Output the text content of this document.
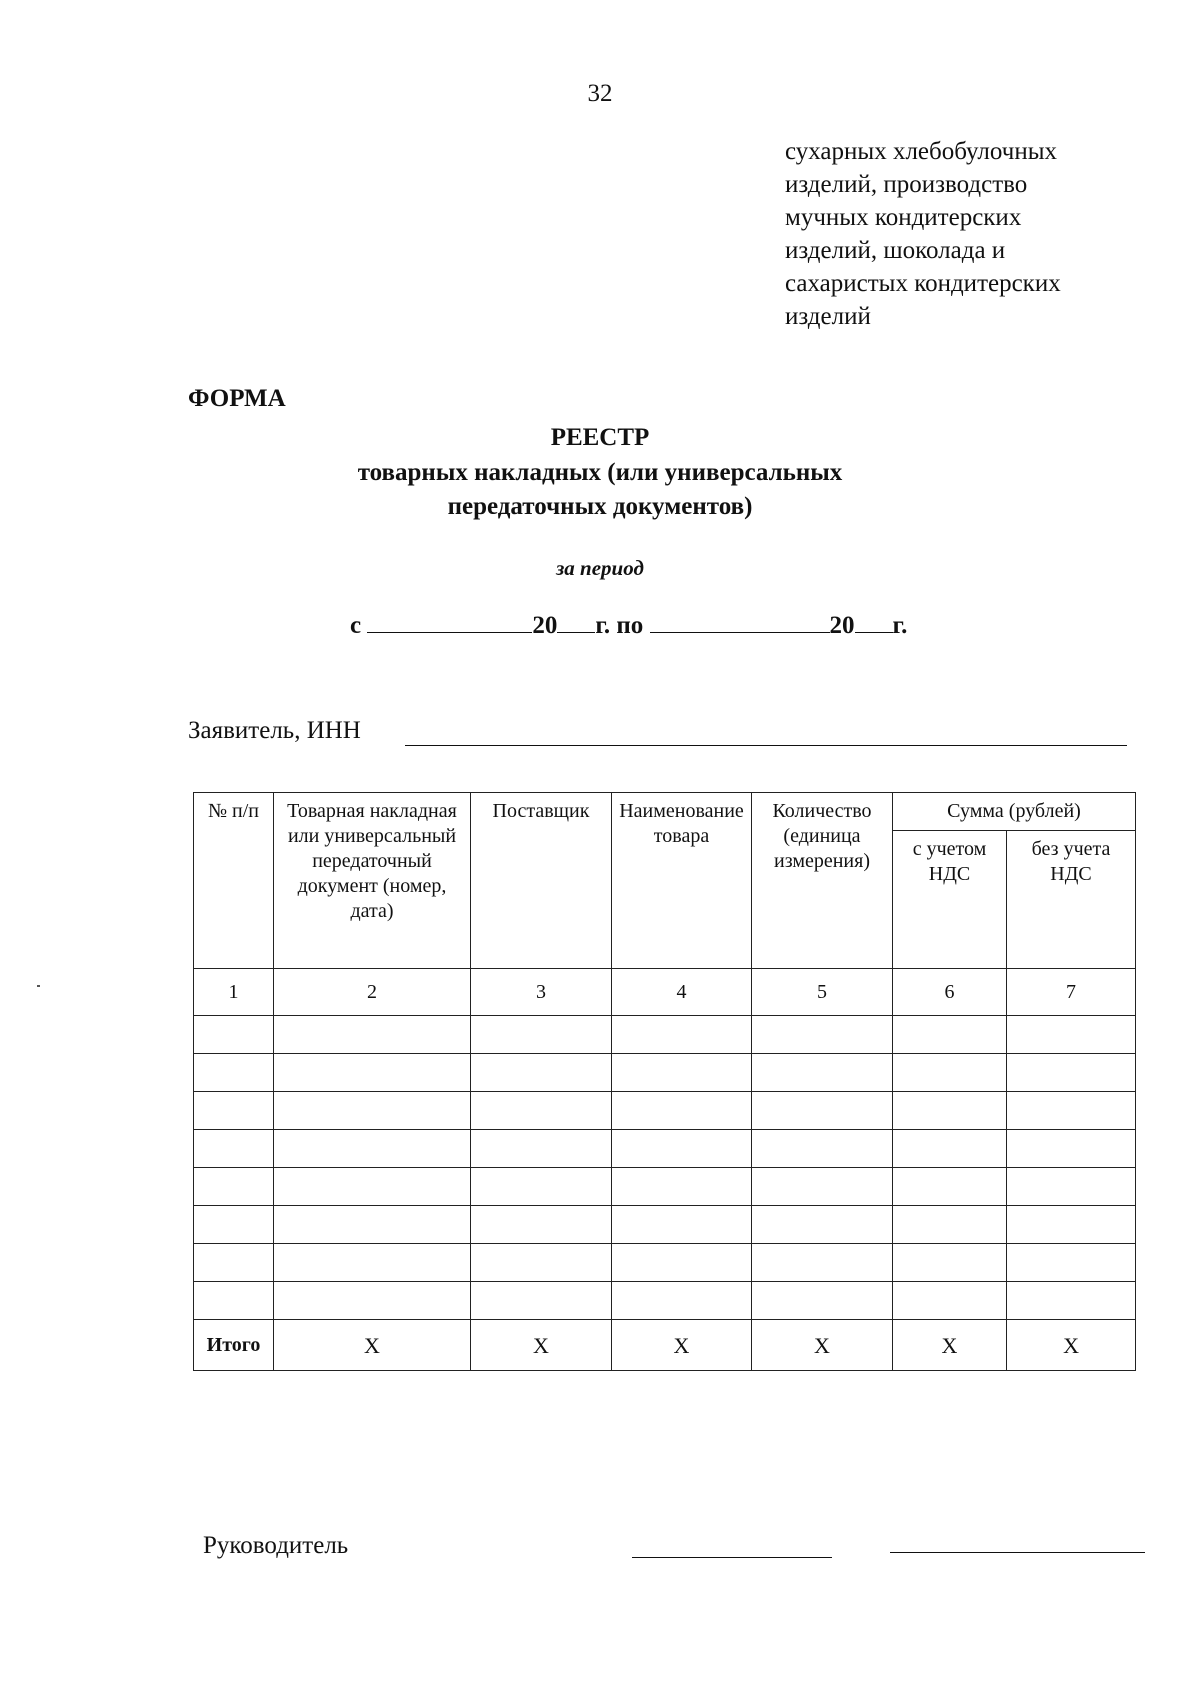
32
сухарных хлебобулочных
изделий, производство
мучных кондитерских
изделий, шоколада и
сахаристых кондитерских
изделий
ФОРМА
РЕЕСТР
товарных накладных (или универсальных
передаточных документов)
за период
с	20 г. по	20 г.
Заявитель, ИНН
№ п/п	Товарная накладная или универсальный передаточный документ (номер, дата)	Поставщик	Наименование товара	Количество (единица измерения)	Сумма (рублей)	
					с учетом НДС	без учета НДС
1	2	3	4	5	6	7

Итого	X	X	X	X	X	X
Руководитель
